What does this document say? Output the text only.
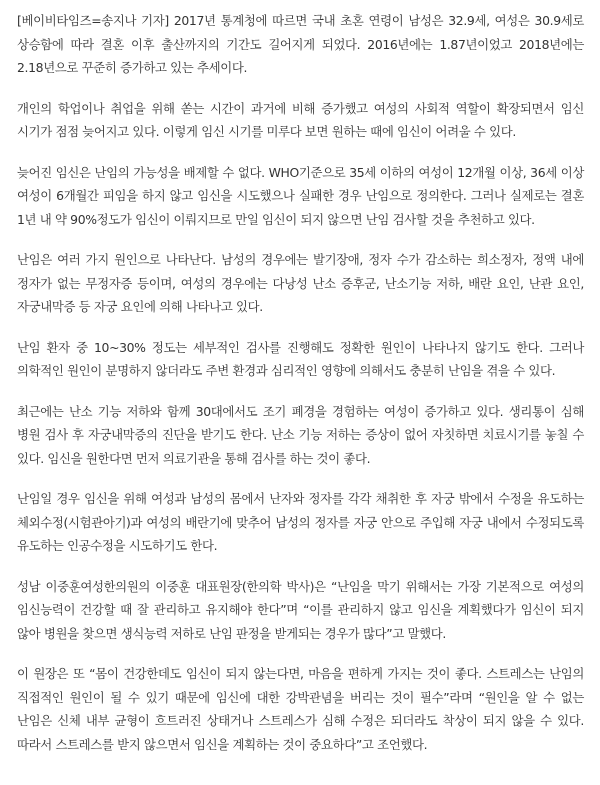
[베이비타임즈=송지나 기자] 2017년 통계청에 따르면 국내 초혼 연령이 남성은 32.9세, 여성은 30.9세로 상승함에 따라 결혼 이후 출산까지의 기간도 길어지게 되었다. 2016년에는 1.87년이었고 2018년에는 2.18년으로 꾸준히 증가하고 있는 추세이다.

개인의 학업이나 취업을 위해 쏟는 시간이 과거에 비해 증가했고 여성의 사회적 역할이 확장되면서 임신 시기가 점점 늦어지고 있다. 이렇게 임신 시기를 미루다 보면 원하는 때에 임신이 어려울 수 있다.

늦어진 임신은 난임의 가능성을 배제할 수 없다. WHO기준으로 35세 이하의 여성이 12개월 이상, 36세 이상 여성이 6개월간 피임을 하지 않고 임신을 시도했으나 실패한 경우 난임으로 정의한다. 그러나 실제로는 결혼 1년 내 약 90%정도가 임신이 이뤄지므로 만일 임신이 되지 않으면 난임 검사할 것을 추천하고 있다.

난임은 여러 가지 원인으로 나타난다. 남성의 경우에는 발기장애, 정자 수가 감소하는 희소정자, 정액 내에 정자가 없는 무정자증 등이며, 여성의 경우에는 다낭성 난소 증후군, 난소기능 저하, 배란 요인, 난관 요인, 자궁내막증 등 자궁 요인에 의해 나타나고 있다.

난임 환자 중 10~30% 정도는 세부적인 검사를 진행해도 정확한 원인이 나타나지 않기도 한다. 그러나 의학적인 원인이 분명하지 않더라도 주변 환경과 심리적인 영향에 의해서도 충분히 난임을 겪을 수 있다.

최근에는 난소 기능 저하와 함께 30대에서도 조기 폐경을 경험하는 여성이 증가하고 있다. 생리통이 심해 병원 검사 후 자궁내막증의 진단을 받기도 한다. 난소 기능 저하는 증상이 없어 자칫하면 치료시기를 놓칠 수 있다. 임신을 원한다면 먼저 의료기관을 통해 검사를 하는 것이 좋다.

난임일 경우 임신을 위해 여성과 남성의 몸에서 난자와 정자를 각각 채취한 후 자궁 밖에서 수정을 유도하는 체외수정(시험관아기)과 여성의 배란기에 맞추어 남성의 정자를 자궁 안으로 주입해 자궁 내에서 수정되도록 유도하는 인공수정을 시도하기도 한다.

성남 이중훈여성한의원의 이중훈 대표원장(한의학 박사)은 “난임을 막기 위해서는 가장 기본적으로 여성의 임신능력이 건강할 때 잘 관리하고 유지해야 한다”며 “이를 관리하지 않고 임신을 계획했다가 임신이 되지 않아 병원을 찾으면 생식능력 저하로 난임 판정을 받게되는 경우가 많다”고 말했다.

이 원장은 또 “몸이 건강한데도 임신이 되지 않는다면, 마음을 편하게 가지는 것이 좋다. 스트레스는 난임의 직접적인 원인이 될 수 있기 때문에 임신에 대한 강박관념을 버리는 것이 필수”라며 “원인을 알 수 없는 난임은 신체 내부 균형이 흐트러진 상태거나 스트레스가 심해 수정은 되더라도 착상이 되지 않을 수 있다. 따라서 스트레스를 받지 않으면서 임신을 계획하는 것이 중요하다”고 조언했다.
